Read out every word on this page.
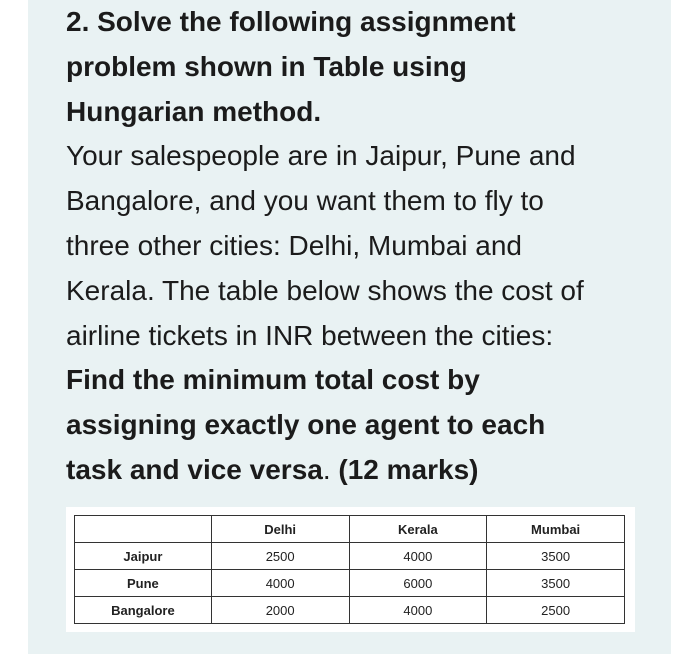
2. Solve the following assignment
problem shown in Table using
Hungarian method.
Your salespeople are in Jaipur, Pune and
Bangalore, and you want them to fly to
three other cities: Delhi, Mumbai and
Kerala. The table below shows the cost of
airline tickets in INR between the cities:
Find the minimum total cost by
assigning exactly one agent to each
task and vice versa. (12 marks)
	Delhi	Kerala	Mumbai
Jaipur	2500	4000	3500
Pune	4000	6000	3500
Bangalore	2000	4000	2500
